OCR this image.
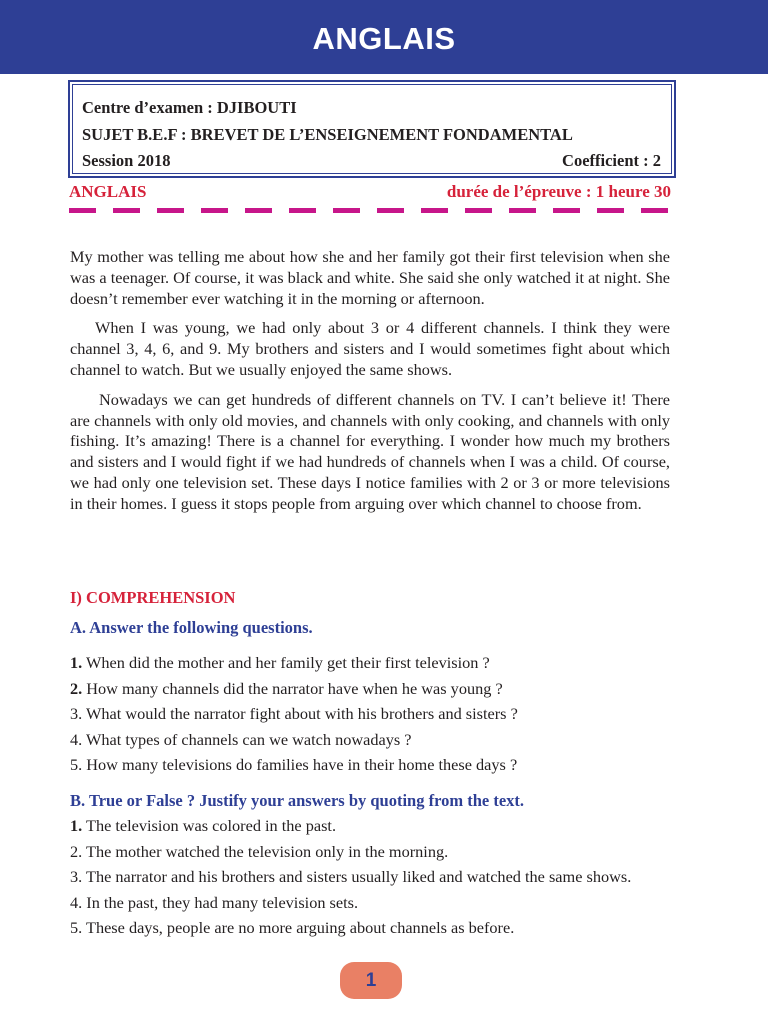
ANGLAIS
Centre d’examen : DJIBOUTI
SUJET B.E.F : BREVET DE L’ENSEIGNEMENT FONDAMENTAL
Session 2018	Coefficient : 2
ANGLAIS	durée de l’épreuve : 1 heure 30

My mother was telling me about how she and her family got their first television when she was a teenager. Of course, it was black and white. She said she only watched it at night. She doesn’t remember ever watching it in the morning or afternoon.

When I was young, we had only about 3 or 4 different channels. I think they were channel 3, 4, 6, and 9. My brothers and sisters and I would sometimes fight about which channel to watch. But we usually enjoyed the same shows.

Nowadays we can get hundreds of different channels on TV. I can’t believe it! There are channels with only old movies, and channels with only cooking, and channels with only fishing. It’s amazing! There is a channel for everything. I wonder how much my brothers and sisters and I would fight if we had hundreds of channels when I was a child. Of course, we had only one television set. These days I notice families with 2 or 3 or more televisions in their homes. I guess it stops people from arguing over which channel to choose from.

I) COMPREHENSION
A. Answer the following questions.
1. When did the mother and her family get their first television ?
2. How many channels did the narrator have when he was young ?
3. What would the narrator fight about with his brothers and sisters ?
4. What types of channels can we watch nowadays ?
5. How many televisions do families have in their home these days ?
B. True or False ? Justify your answers by quoting from the text.
1. The television was colored in the past.
2. The mother watched the television only in the morning.
3. The narrator and his brothers and sisters usually liked and watched the same shows.
4. In the past, they had many television sets.
5. These days, people are no more arguing about channels as before.
1
